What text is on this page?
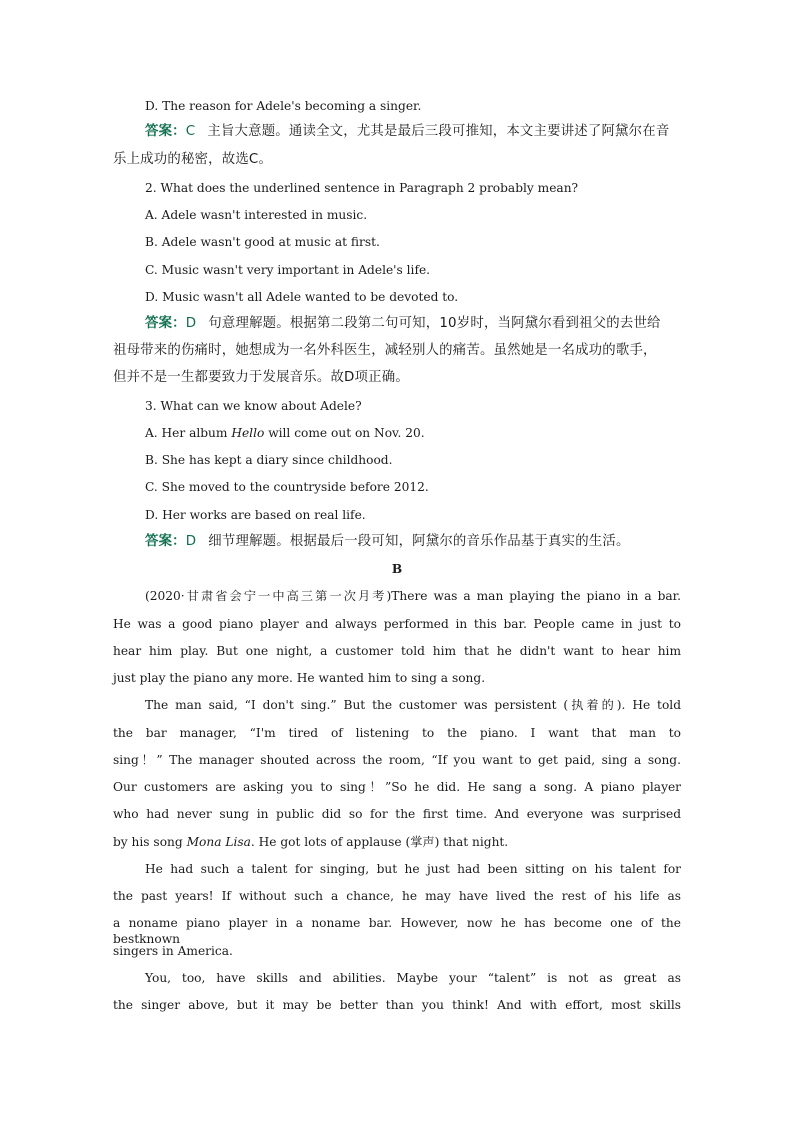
D. The reason for Adele's becoming a singer.
答案：C 主旨大意题。通读全文，尤其是最后三段可推知，本文主要讲述了阿黛尔在音
乐上成功的秘密，故选C。
2. What does the underlined sentence in Paragraph 2 probably mean?
A. Adele wasn't interested in music.
B. Adele wasn't good at music at first.
C. Music wasn't very important in Adele's life.
D. Music wasn't all Adele wanted to be devoted to.
答案：D 句意理解题。根据第二段第二句可知，10岁时，当阿黛尔看到祖父的去世给
祖母带来的伤痛时，她想成为一名外科医生，减轻别人的痛苦。虽然她是一名成功的歌手，
但并不是一生都要致力于发展音乐。故D项正确。
3. What can we know about Adele?
A. Her album Hello will come out on Nov. 20.
B. She has kept a diary since childhood.
C. She moved to the countryside before 2012.
D. Her works are based on real life.
答案：D 细节理解题。根据最后一段可知，阿黛尔的音乐作品基于真实的生活。
B
(2020·甘肃省会宁一中高三第一次月考)There was a man playing the piano in a bar.
He was a good piano player and always performed in this bar. People came in just to
hear him play. But one night, a customer told him that he didn't want to hear him
just play the piano any more. He wanted him to sing a song.
The man said, “I don't sing.” But the customer was persistent (执着的). He told
the bar manager, “I'm tired of listening to the piano. I want that man to
sing！” The manager shouted across the room, “If you want to get paid, sing a song.
Our customers are asking you to sing！”So he did. He sang a song. A piano player
who had never sung in public did so for the first time. And everyone was surprised
by his song Mona Lisa. He got lots of applause (掌声) that night.
He had such a talent for singing, but he just had been sitting on his talent for
the past years! If without such a chance, he may have lived the rest of his life as
a noname piano player in a noname bar. However, now he has become one of the bestknown
singers in America.
You, too, have skills and abilities. Maybe your “talent” is not as great as
the singer above, but it may be better than you think! And with effort, most skills
